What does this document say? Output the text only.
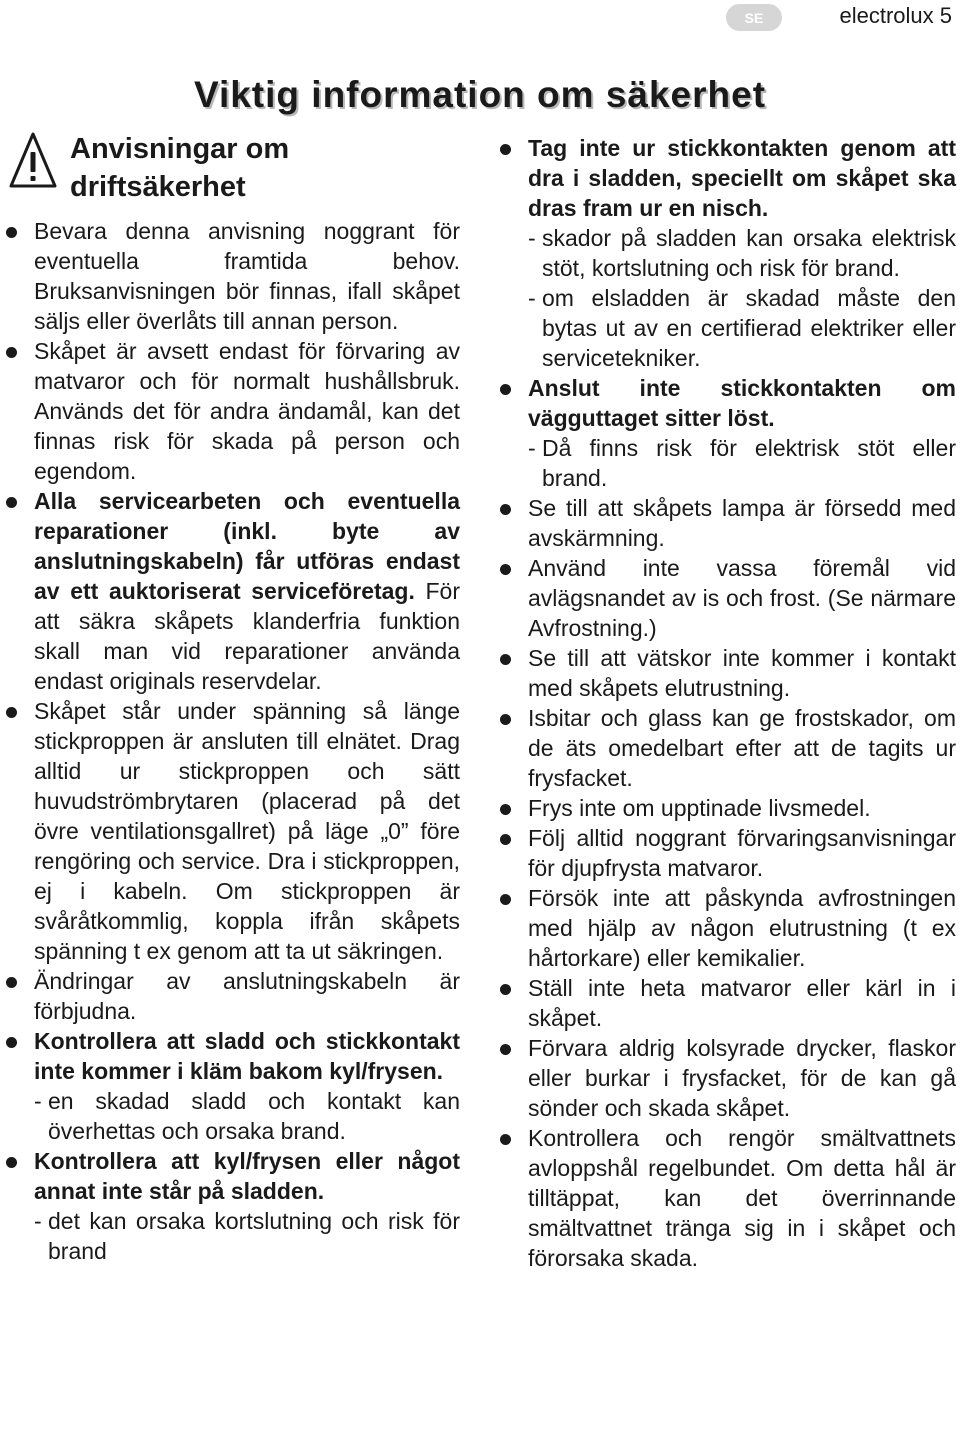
SE	electrolux 5
Viktig information om säkerhet
Anvisningar om driftsäkerhet

Bevara denna anvisning noggrant för eventuella framtida behov. Bruksanvisningen bör finnas, ifall skåpet säljs eller överlåts till annan person.

Skåpet är avsett endast för förvaring av matvaror och för normalt hushållsbruk. Används det för andra ändamål, kan det finnas risk för skada på person och egendom.

Alla servicearbeten och eventuella reparationer (inkl. byte av anslutningskabeln) får utföras endast av ett auktoriserat serviceföretag. För att säkra skåpets klanderfria funktion skall man vid reparationer använda endast originals reservdelar.

Skåpet står under spänning så länge stickproppen är ansluten till elnätet. Drag alltid ur stickproppen och sätt huvudströmbrytaren (placerad på det övre ventilationsgallret) på läge „0” före rengöring och service. Dra i stickproppen, ej i kabeln. Om stickproppen är svåråtkommlig, koppla ifrån skåpets spänning t ex genom att ta ut säkringen.

Ändringar av anslutningskabeln är förbjudna.

Kontrollera att sladd och stickkontakt inte kommer i kläm bakom kyl/frysen.

- en skadad sladd och kontakt kan överhettas och orsaka brand.

Kontrollera att kyl/frysen eller något annat inte står på sladden.

- det kan orsaka kortslutning och risk för brand

Tag inte ur stickkontakten genom att dra i sladden, speciellt om skåpet ska dras fram ur en nisch.

- skador på sladden kan orsaka elektrisk stöt, kortslutning och risk för brand.

- om elsladden är skadad måste den bytas ut av en certifierad elektriker eller servicetekniker.

Anslut inte stickkontakten om vägguttaget sitter löst.

- Då finns risk för elektrisk stöt eller brand.

Se till att skåpets lampa är försedd med avskärmning.

Använd inte vassa föremål vid avlägsnandet av is och frost. (Se närmare Avfrostning.)

Se till att vätskor inte kommer i kontakt med skåpets elutrustning.

Isbitar och glass kan ge frostskador, om de äts omedelbart efter att de tagits ur frysfacket.

Frys inte om upptinade livsmedel.

Följ alltid noggrant förvaringsanvisningar för djupfrysta matvaror.

Försök inte att påskynda avfrostningen med hjälp av någon elutrustning (t ex hårtorkare) eller kemikalier.

Ställ inte heta matvaror eller kärl in i skåpet.

Förvara aldrig kolsyrade drycker, flaskor eller burkar i frysfacket, för de kan gå sönder och skada skåpet.

Kontrollera och rengör smältvattnets avloppshål regelbundet. Om detta hål är tilltäppat, kan det överrinnande smältvattnet tränga sig in i skåpet och förorsaka skada.
